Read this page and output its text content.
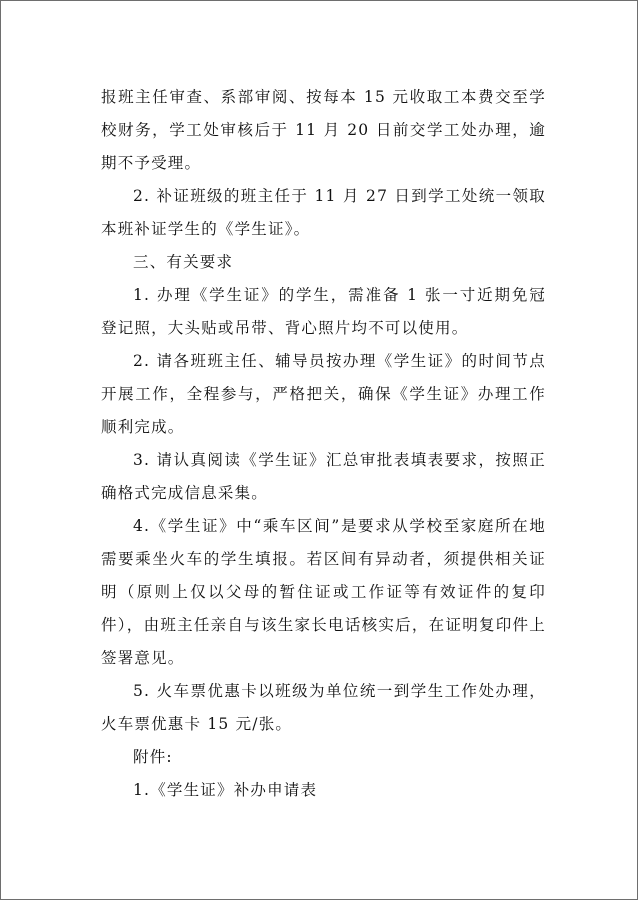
报班主任审查、系部审阅、按每本 15 元收取工本费交至学校财务，学工处审核后于 11 月 20 日前交学工处办理，逾期不予受理。

2. 补证班级的班主任于 11 月 27 日到学工处统一领取本班补证学生的《学生证》。

三、有关要求

1. 办理《学生证》的学生，需准备 1 张一寸近期免冠登记照，大头贴或吊带、背心照片均不可以使用。

2. 请各班班主任、辅导员按办理《学生证》的时间节点开展工作，全程参与，严格把关，确保《学生证》办理工作顺利完成。

3. 请认真阅读《学生证》汇总审批表填表要求，按照正确格式完成信息采集。

4.《学生证》中“乘车区间”是要求从学校至家庭所在地需要乘坐火车的学生填报。若区间有异动者，须提供相关证明（原则上仅以父母的暂住证或工作证等有效证件的复印件），由班主任亲自与该生家长电话核实后，在证明复印件上签署意见。

5. 火车票优惠卡以班级为单位统一到学生工作处办理，火车票优惠卡 15 元/张。

附件:

1.《学生证》补办申请表
